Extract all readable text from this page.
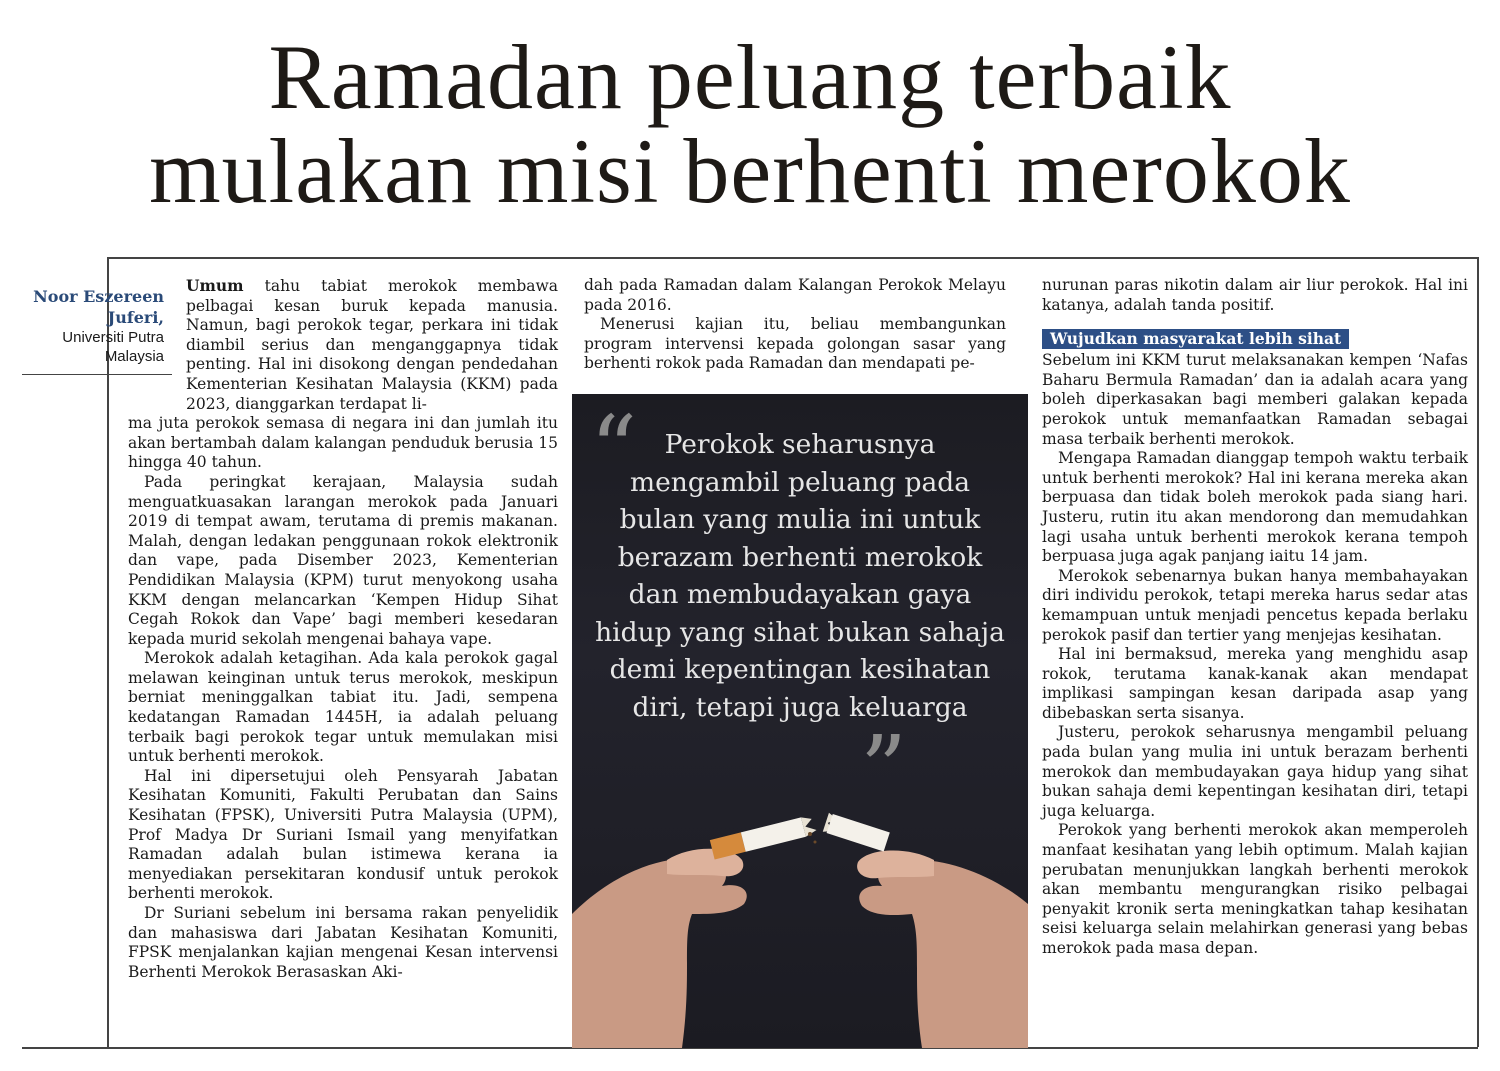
Ramadan peluang terbaik
mulakan misi berhenti merokok
Noor Eszereen
Juferi,
Universiti Putra
Malaysia

Umum tahu tabiat merokok membawa pelbagai kesan buruk kepada manusia. Namun, bagi perokok tegar, perkara ini tidak diambil serius dan menganggapnya tidak penting. Hal ini disokong dengan pendedahan Kementerian Kesihatan Malaysia (KKM) pada 2023, dianggarkan terdapat li-

ma juta perokok semasa di negara ini dan jumlah itu akan bertambah dalam kalangan penduduk berusia 15 hingga 40 tahun.

Pada peringkat kerajaan, Malaysia sudah menguatkuasakan larangan merokok pada Januari 2019 di tempat awam, terutama di premis makanan. Malah, dengan ledakan penggunaan rokok elektronik dan vape, pada Disember 2023, Kementerian Pendidikan Malaysia (KPM) turut menyokong usaha KKM dengan melancarkan ‘Kempen Hidup Sihat Cegah Rokok dan Vape’ bagi memberi kesedaran kepada murid sekolah mengenai bahaya vape.

Merokok adalah ketagihan. Ada kala perokok gagal melawan keinginan untuk terus merokok, meskipun berniat meninggalkan tabiat itu. Jadi, sempena kedatangan Ramadan 1445H, ia adalah peluang terbaik bagi perokok tegar untuk memulakan misi untuk berhenti merokok.

Hal ini dipersetujui oleh Pensyarah Jabatan Kesihatan Komuniti, Fakulti Perubatan dan Sains Kesihatan (FPSK), Universiti Putra Malaysia (UPM), Prof Madya Dr Suriani Ismail yang menyifatkan Ramadan adalah bulan istimewa kerana ia menyediakan persekitaran kondusif untuk perokok berhenti merokok.

Dr Suriani sebelum ini bersama rakan penyelidik dan mahasiswa dari Jabatan Kesihatan Komuniti, FPSK menjalankan kajian mengenai Kesan intervensi Berhenti Merokok Berasaskan Aki-

dah pada Ramadan dalam Kalangan Perokok Melayu pada 2016.

Menerusi kajian itu, beliau membangunkan program intervensi kepada golongan sasar yang berhenti rokok pada Ramadan dan mendapati pe-

“	Perokok seharusnya mengambil peluang pada bulan yang mulia ini untuk berazam berhenti merokok dan membudayakan gaya hidup yang sihat bukan sahaja demi kepentingan kesihatan diri, tetapi juga keluarga
”

nurunan paras nikotin dalam air liur perokok. Hal ini katanya, adalah tanda positif.

Wujudkan masyarakat lebih sihat

Sebelum ini KKM turut melaksanakan kempen ‘Nafas Baharu Bermula Ramadan’ dan ia adalah acara yang boleh diperkasakan bagi memberi galakan kepada perokok untuk memanfaatkan Ramadan sebagai masa terbaik berhenti merokok.

Mengapa Ramadan dianggap tempoh waktu terbaik untuk berhenti merokok? Hal ini kerana mereka akan berpuasa dan tidak boleh merokok pada siang hari. Justeru, rutin itu akan mendorong dan memudahkan lagi usaha untuk berhenti merokok kerana tempoh berpuasa juga agak panjang iaitu 14 jam.

Merokok sebenarnya bukan hanya membahayakan diri individu perokok, tetapi mereka harus sedar atas kemampuan untuk menjadi pencetus kepada berlaku perokok pasif dan tertier yang menjejas kesihatan.

Hal ini bermaksud, mereka yang menghidu asap rokok, terutama kanak-kanak akan mendapat implikasi sampingan kesan daripada asap yang dibebaskan serta sisanya.

Justeru, perokok seharusnya mengambil peluang pada bulan yang mulia ini untuk berazam berhenti merokok dan membudayakan gaya hidup yang sihat bukan sahaja demi kepentingan kesihatan diri, tetapi juga keluarga.

Perokok yang berhenti merokok akan memperoleh manfaat kesihatan yang lebih optimum. Malah kajian perubatan menunjukkan langkah berhenti merokok akan membantu mengurangkan risiko pelbagai penyakit kronik serta meningkatkan tahap kesihatan seisi keluarga selain melahirkan generasi yang bebas merokok pada masa depan.
